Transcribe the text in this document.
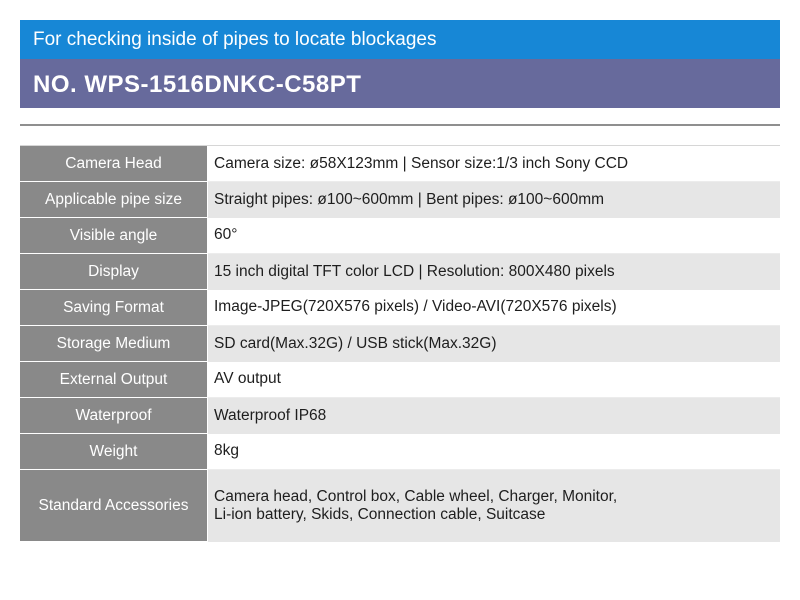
For checking inside of pipes to locate blockages
NO. WPS-1516DNKC-C58PT
Camera Head	Camera size: ø58X123mm | Sensor size:1/3 inch Sony CCD

Applicable pipe size	Straight pipes: ø100~600mm | Bent pipes: ø100~600mm

Visible angle	60°

Display	15 inch digital TFT color LCD | Resolution: 800X480 pixels

Saving Format	Image-JPEG(720X576 pixels) / Video-AVI(720X576 pixels)

Storage Medium	SD card(Max.32G) / USB stick(Max.32G)

External Output	AV output

Waterproof	Waterproof IP68

Weight	8kg

Standard Accessories	Camera head, Control box, Cable wheel, Charger, Monitor,
Li-ion battery, Skids, Connection cable, Suitcase
